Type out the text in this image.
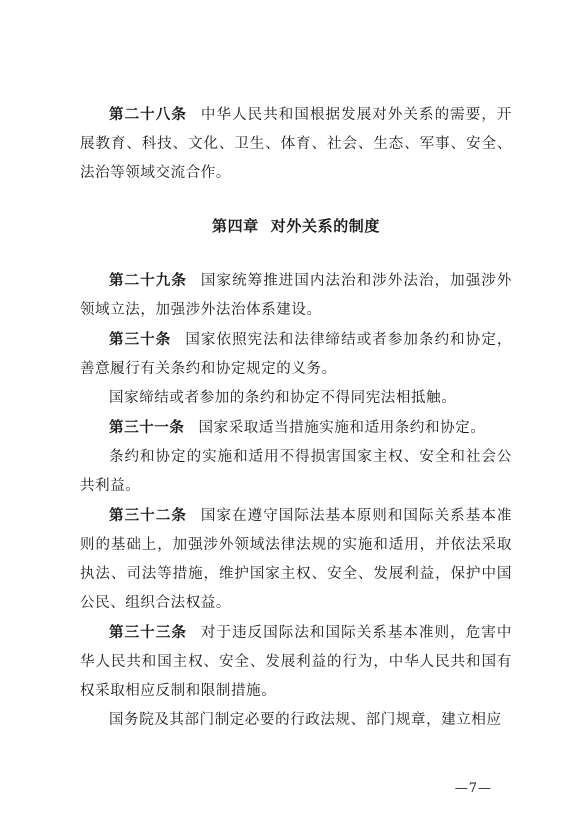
第二十八条 中华人民共和国根据发展对外关系的需要，开展教育、科技、文化、卫生、体育、社会、生态、军事、安全、法治等领域交流合作。

第四章 对外关系的制度

第二十九条 国家统筹推进国内法治和涉外法治，加强涉外领域立法，加强涉外法治体系建设。

第三十条 国家依照宪法和法律缔结或者参加条约和协定，善意履行有关条约和协定规定的义务。

国家缔结或者参加的条约和协定不得同宪法相抵触。

第三十一条 国家采取适当措施实施和适用条约和协定。

条约和协定的实施和适用不得损害国家主权、安全和社会公共利益。

第三十二条 国家在遵守国际法基本原则和国际关系基本准则的基础上，加强涉外领域法律法规的实施和适用，并依法采取执法、司法等措施，维护国家主权、安全、发展利益，保护中国公民、组织合法权益。

第三十三条 对于违反国际法和国际关系基本准则，危害中华人民共和国主权、安全、发展利益的行为，中华人民共和国有权采取相应反制和限制措施。

国务院及其部门制定必要的行政法规、部门规章，建立相应

—7—
